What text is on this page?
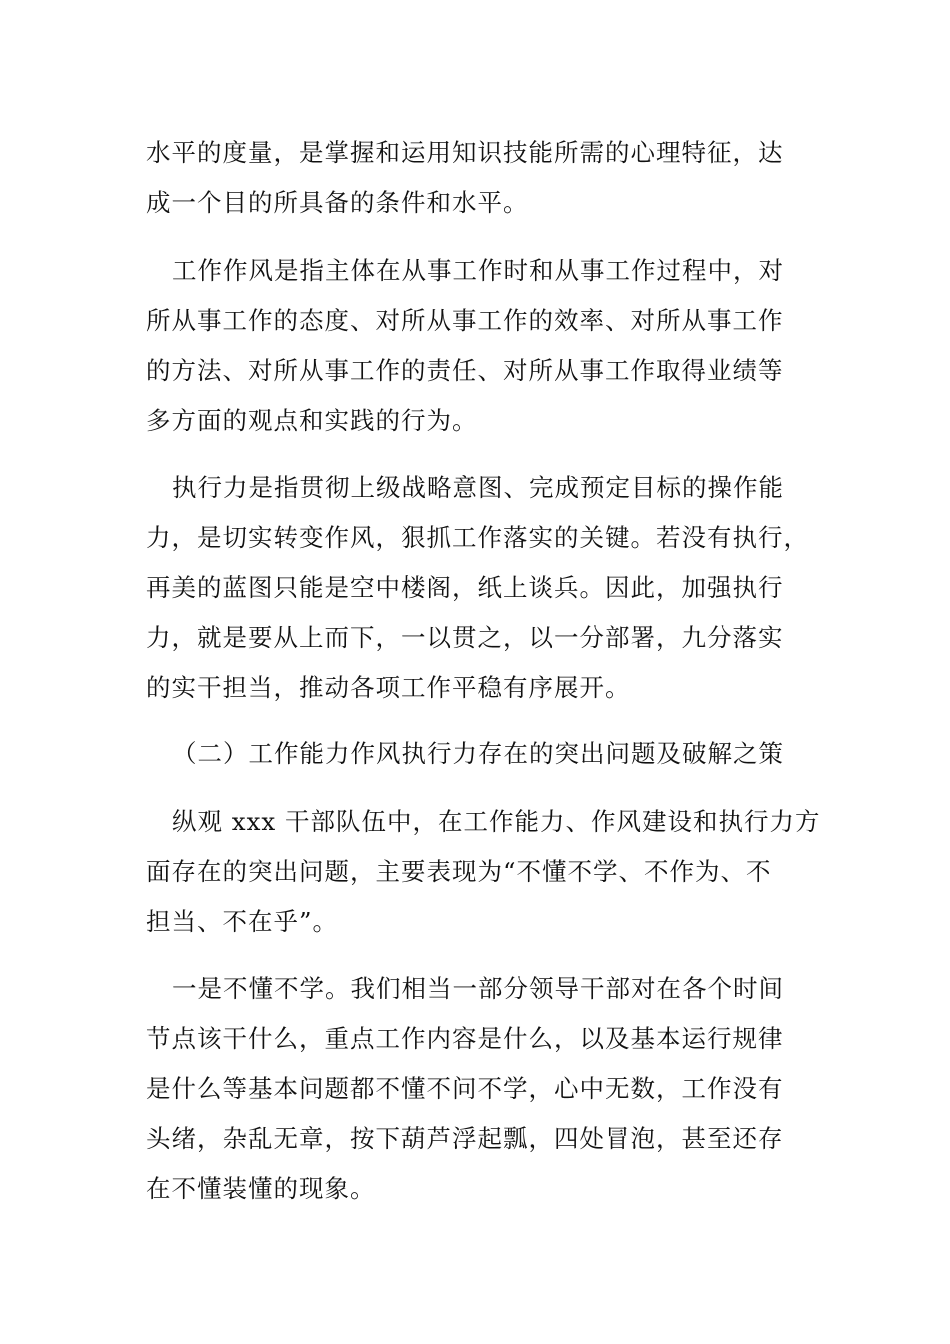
水平的度量，是掌握和运用知识技能所需的心理特征，达
成一个目的所具备的条件和水平。
工作作风是指主体在从事工作时和从事工作过程中，对
所从事工作的态度、对所从事工作的效率、对所从事工作
的方法、对所从事工作的责任、对所从事工作取得业绩等
多方面的观点和实践的行为。
执行力是指贯彻上级战略意图、完成预定目标的操作能
力，是切实转变作风，狠抓工作落实的关键。若没有执行，
再美的蓝图只能是空中楼阁，纸上谈兵。因此，加强执行
力，就是要从上而下，一以贯之，以一分部署，九分落实
的实干担当，推动各项工作平稳有序展开。
（二）工作能力作风执行力存在的突出问题及破解之策
纵观 xxx 干部队伍中，在工作能力、作风建设和执行力方
面存在的突出问题，主要表现为“不懂不学、不作为、不
担当、不在乎”。
一是不懂不学。我们相当一部分领导干部对在各个时间
节点该干什么，重点工作内容是什么，以及基本运行规律
是什么等基本问题都不懂不问不学，心中无数，工作没有
头绪，杂乱无章，按下葫芦浮起瓢，四处冒泡，甚至还存
在不懂装懂的现象。
